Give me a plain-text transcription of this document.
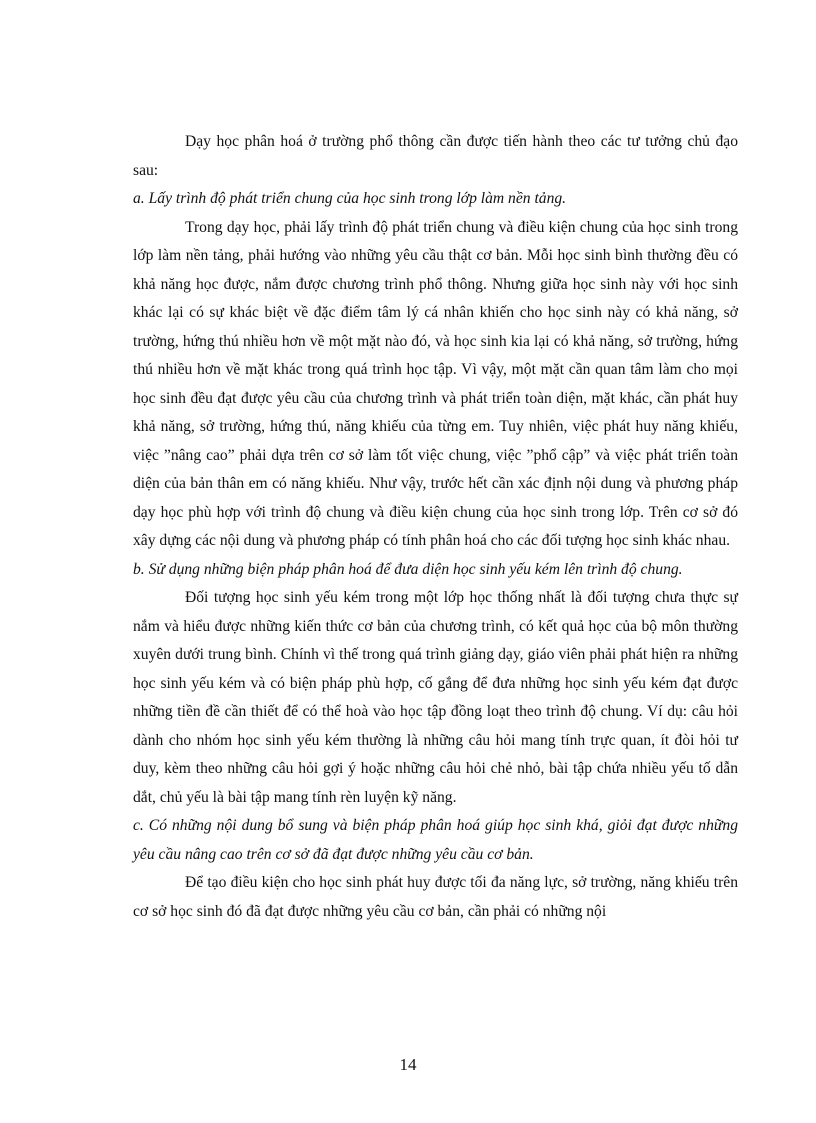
Dạy học phân hoá ở trường phổ thông cần được tiến hành theo các tư tưởng chủ đạo sau:

a. Lấy trình độ phát triển chung của học sinh trong lớp làm nền tảng.

Trong dạy học, phải lấy trình độ phát triển chung và điều kiện chung của học sinh trong lớp làm nền tảng, phải hướng vào những yêu cầu thật cơ bản. Mỗi học sinh bình thường đều có khả năng học được, nắm được chương trình phổ thông. Nhưng giữa học sinh này với học sinh khác lại có sự khác biệt về đặc điểm tâm lý cá nhân khiến cho học sinh này có khả năng, sở trường, hứng thú nhiều hơn về một mặt nào đó, và học sinh kia lại có khả năng, sở trường, hứng thú nhiều hơn về mặt khác trong quá trình học tập. Vì vậy, một mặt cần quan tâm làm cho mọi học sinh đều đạt được yêu cầu của chương trình và phát triển toàn diện, mặt khác, cần phát huy khả năng, sở trường, hứng thú, năng khiếu của từng em. Tuy nhiên, việc phát huy năng khiếu, việc ”nâng cao” phải dựa trên cơ sở làm tốt việc chung, việc ”phổ cập” và việc phát triển toàn diện của bản thân em có năng khiếu. Như vậy, trước hết cần xác định nội dung và phương pháp dạy học phù hợp với trình độ chung và điều kiện chung của học sinh trong lớp. Trên cơ sở đó xây dựng các nội dung và phương pháp có tính phân hoá cho các đối tượng học sinh khác nhau.

b. Sử dụng những biện pháp phân hoá để đưa diện học sinh yếu kém lên trình độ chung.

Đối tượng học sinh yếu kém trong một lớp học thống nhất là đối tượng chưa thực sự nắm và hiểu được những kiến thức cơ bản của chương trình, có kết quả học của bộ môn thường xuyên dưới trung bình. Chính vì thế trong quá trình giảng dạy, giáo viên phải phát hiện ra những học sinh yếu kém và có biện pháp phù hợp, cố gắng để đưa những học sinh yếu kém đạt được những tiền đề cần thiết để có thể hoà vào học tập đồng loạt theo trình độ chung. Ví dụ: câu hỏi dành cho nhóm học sinh yếu kém thường là những câu hỏi mang tính trực quan, ít đòi hỏi tư duy, kèm theo những câu hỏi gợi ý hoặc những câu hỏi chẻ nhỏ, bài tập chứa nhiều yếu tố dẫn dắt, chủ yếu là bài tập mang tính rèn luyện kỹ năng.

c. Có những nội dung bổ sung và biện pháp phân hoá giúp học sinh khá, giỏi đạt được những yêu cầu nâng cao trên cơ sở đã đạt được những yêu cầu cơ bản.

Để tạo điều kiện cho học sinh phát huy được tối đa năng lực, sở trường, năng khiếu trên cơ sở học sinh đó đã đạt được những yêu cầu cơ bản, cần phải có những nội

14
